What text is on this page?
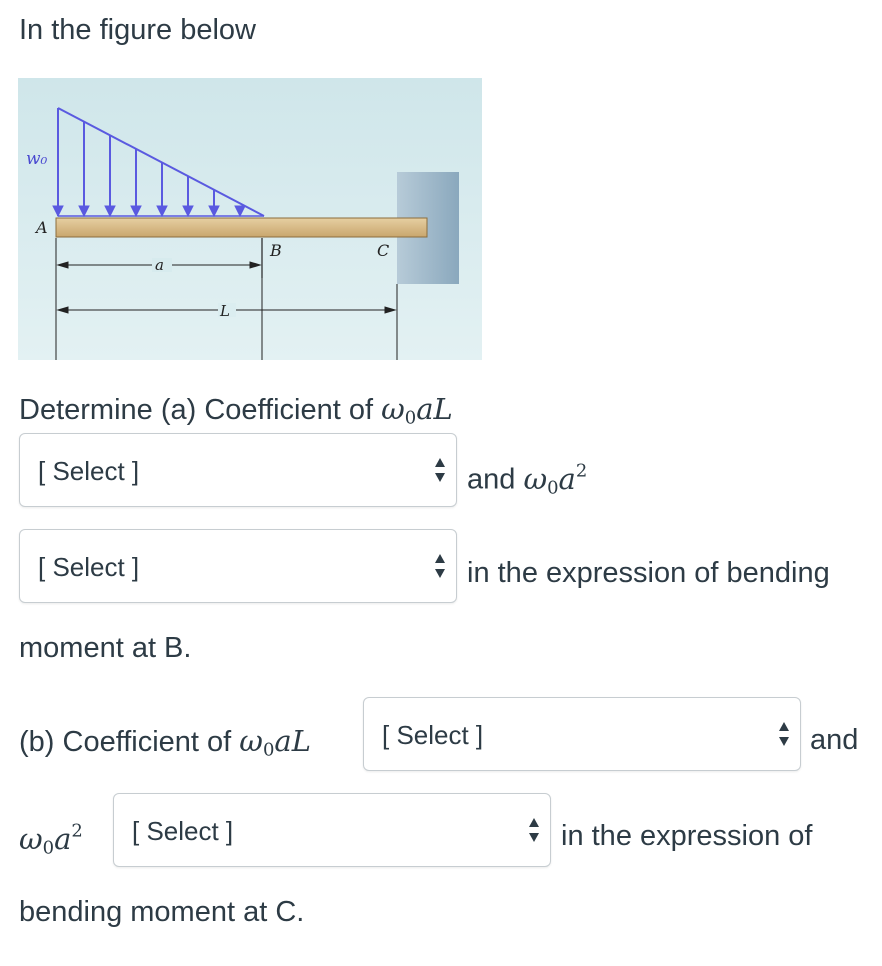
In the figure below
w₀
A
B	C
a
L
Determine (a) Coefficient of $\omega_0aL$
[ Select ]	and $\omega_0a^2$
[ Select ]	in the expression of bending
moment at B.
(b) Coefficient of $\omega_0aL$	[ Select ]	and
$\omega_0a^2$ [ Select ]	in the expression of
bending moment at C.
